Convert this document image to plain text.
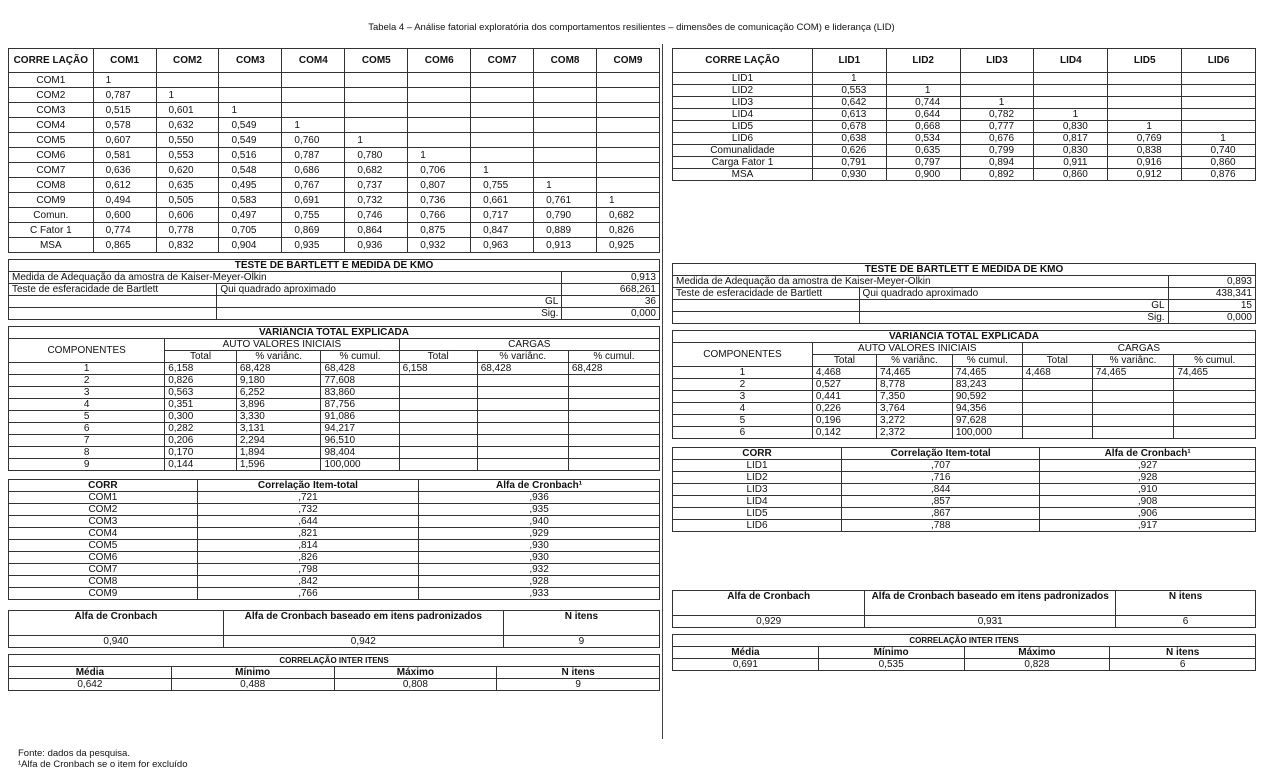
Tabela 4 – Análise fatorial exploratória dos comportamentos resilientes – dimensões de comunicação COM) e liderança (LID)
CORRE LAÇÃO	COM1	COM2	COM3	COM4	COM5	COM6	COM7	COM8	COM9
COM1	1								
COM2	0,787	1							
COM3	0,515	0,601	1						
COM4	0,578	0,632	0,549	1					
COM5	0,607	0,550	0,549	0,760	1				
COM6	0,581	0,553	0,516	0,787	0,780	1			
COM7	0,636	0,620	0,548	0,686	0,682	0,706	1		
COM8	0,612	0,635	0,495	0,767	0,737	0,807	0,755	1	
COM9	0,494	0,505	0,583	0,691	0,732	0,736	0,661	0,761	1
Comun.	0,600	0,606	0,497	0,755	0,746	0,766	0,717	0,790	0,682
C Fator 1	0,774	0,778	0,705	0,869	0,864	0,875	0,847	0,889	0,826
MSA	0,865	0,832	0,904	0,935	0,936	0,932	0,963	0,913	0,925
TESTE DE BARTLETT E MEDIDA DE KMO		
Medida de Adequação da amostra de Kaiser-Meyer-Olkin		0,913
Teste de esferacidade de Bartlett	Qui quadrado aproximado	668,261
	GL	36
	Sig.	0,000
VARIÂNCIA TOTAL EXPLICADA						
COMPONENTES	AUTO VALORES INICIAIS			CARGAS		
	Total	% variânc.	% cumul.	Total	% variânc.	% cumul.
1	6,158	68,428	68,428	6,158	68,428	68,428
2	0,826	9,180	77,608			
3	0,563	6,252	83,860			
4	0,351	3,896	87,756			
5	0,300	3,330	91,086			
6	0,282	3,131	94,217			
7	0,206	2,294	96,510			
8	0,170	1,894	98,404			
9	0,144	1,596	100,000			
CORR	Correlação Item-total	Alfa de Cronbach¹
COM1	,721	,936
COM2	,732	,935
COM3	,644	,940
COM4	,821	,929
COM5	,814	,930
COM6	,826	,930
COM7	,798	,932
COM8	,842	,928
COM9	,766	,933
Alfa de Cronbach	Alfa de Cronbach baseado em itens padronizados	N itens
0,940	0,942	9
CORRELAÇÃO INTER ITENS			
Média	Mínimo	Máximo	N itens
0,642	0,488	0,808	9
CORRE LAÇÃO	LID1	LID2	LID3	LID4	LID5	LID6
LID1	1					
LID2	0,553	1				
LID3	0,642	0,744	1			
LID4	0,613	0,644	0,782	1		
LID5	0,678	0,668	0,777	0,830	1	
LID6	0,638	0,534	0,676	0,817	0,769	1
Comunalidade	0,626	0,635	0,799	0,830	0,838	0,740
Carga Fator 1	0,791	0,797	0,894	0,911	0,916	0,860
MSA	0,930	0,900	0,892	0,860	0,912	0,876
TESTE DE BARTLETT E MEDIDA DE KMO		
Medida de Adequação da amostra de Kaiser-Meyer-Olkin		0,893
Teste de esferacidade de Bartlett	Qui quadrado aproximado	438,341
	GL	15
	Sig.	0,000
VARIÂNCIA TOTAL EXPLICADA						
COMPONENTES	AUTO VALORES INICIAIS			CARGAS		
	Total	% variânc.	% cumul.	Total	% variânc.	% cumul.
1	4,468	74,465	74,465	4,468	74,465	74,465
2	0,527	8,778	83,243			
3	0,441	7,350	90,592			
4	0,226	3,764	94,356			
5	0,196	3,272	97,628			
6	0,142	2,372	100,000			
CORR	Correlação Item-total	Alfa de Cronbach¹
LID1	,707	,927
LID2	,716	,928
LID3	,844	,910
LID4	,857	,908
LID5	,867	,906
LID6	,788	,917
Alfa de Cronbach	Alfa de Cronbach baseado em itens padronizados	N itens
0,929	0,931	6
CORRELAÇÃO INTER ITENS			
Média	Mínimo	Máximo	N itens
0,691	0,535	0,828	6
Fonte: dados da pesquisa.
¹Alfa de Cronbach se o item for excluído
